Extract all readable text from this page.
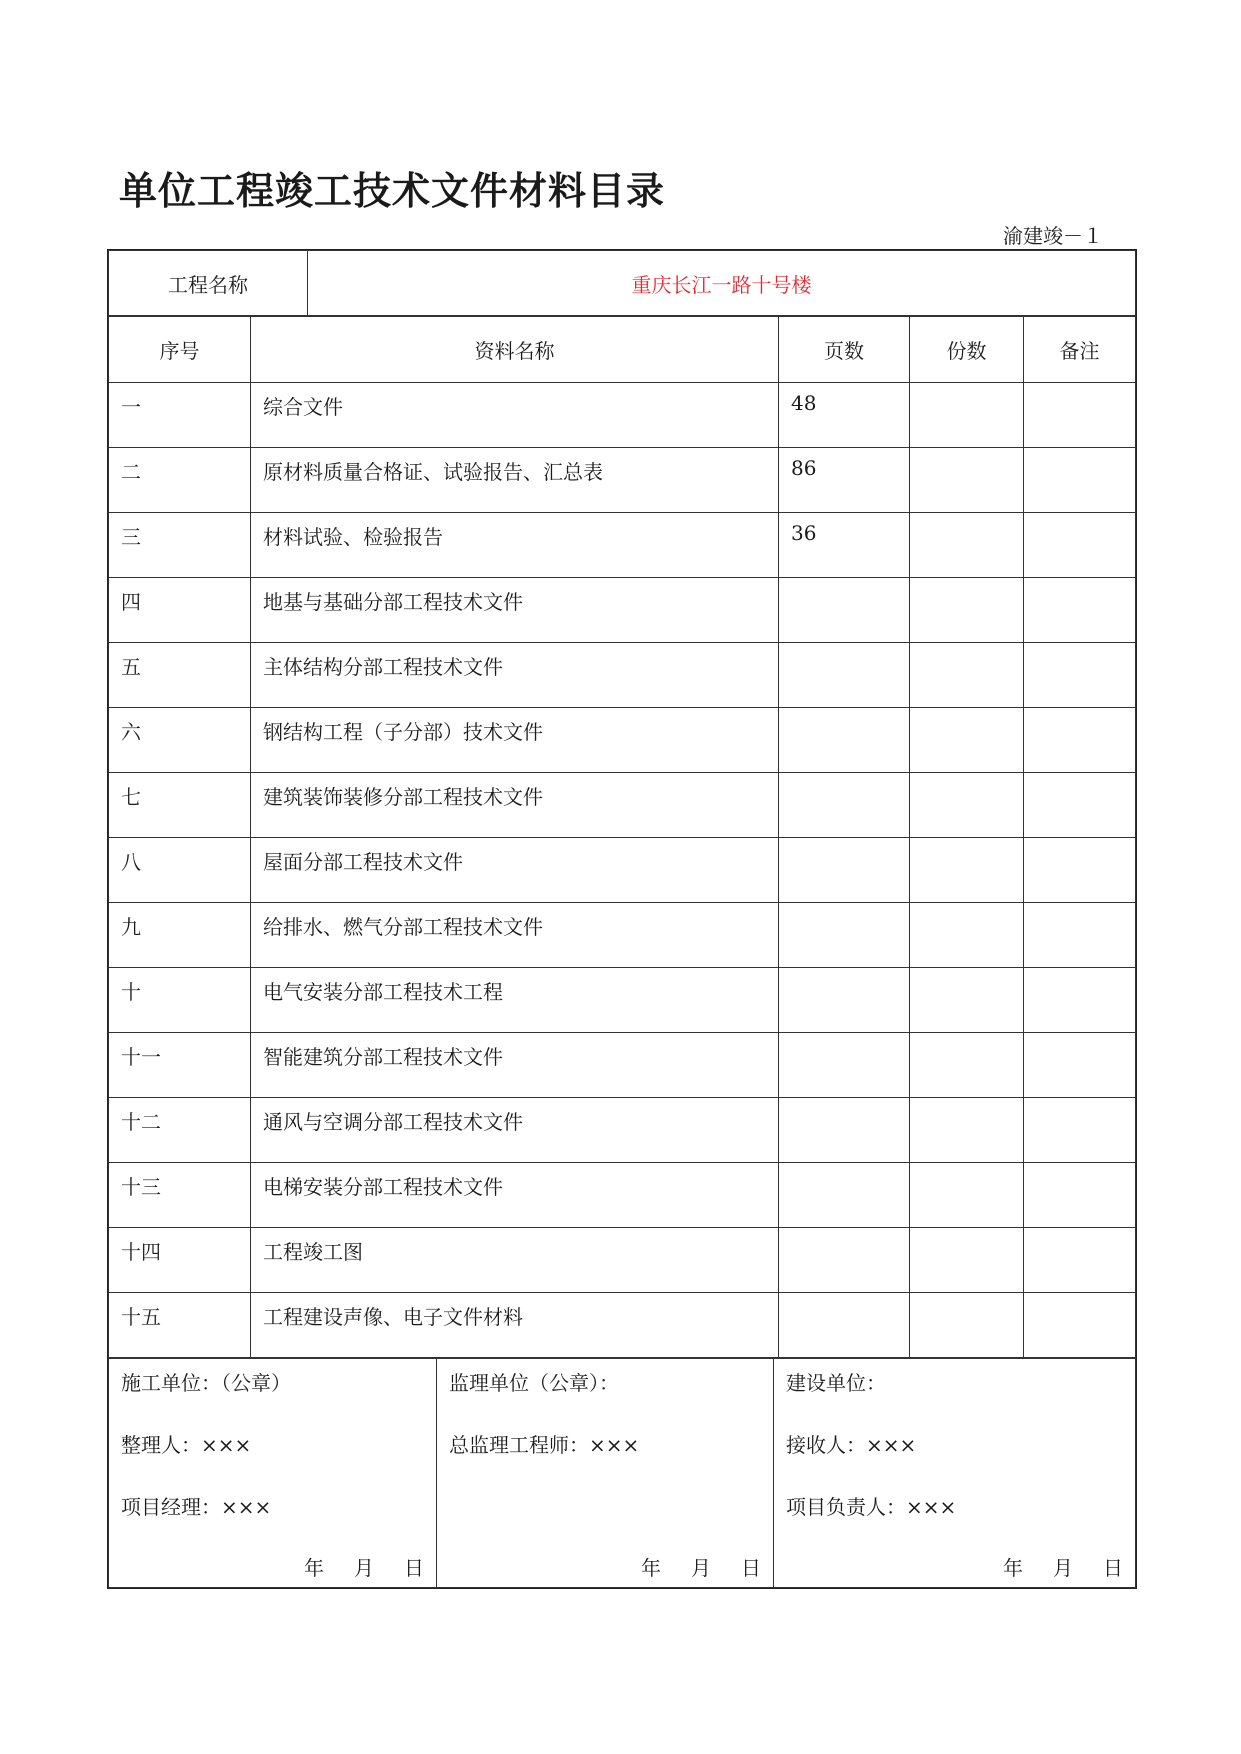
单位工程竣工技术文件材料目录
渝建竣－１
工程名称	重庆长江一路十号楼
序号	资料名称	页数	份数	备注
一	综合文件	48		
二	原材料质量合格证、试验报告、汇总表	86		
三	材料试验、检验报告	36		
四	地基与基础分部工程技术文件			
五	主体结构分部工程技术文件			
六	钢结构工程（子分部）技术文件			
七	建筑装饰装修分部工程技术文件			
八	屋面分部工程技术文件			
九	给排水、燃气分部工程技术文件			
十	电气安装分部工程技术工程			
十一	智能建筑分部工程技术文件			
十二	通风与空调分部工程技术文件			
十三	电梯安装分部工程技术文件			
十四	工程竣工图			
十五	工程建设声像、电子文件材料			
施工单位：（公章）
整理人：×××
项目经理：×××
年 月 日

监理单位（公章）：
总监理工程师：×××
年 月 日

建设单位：
接收人：×××
项目负责人：×××
年 月 日
